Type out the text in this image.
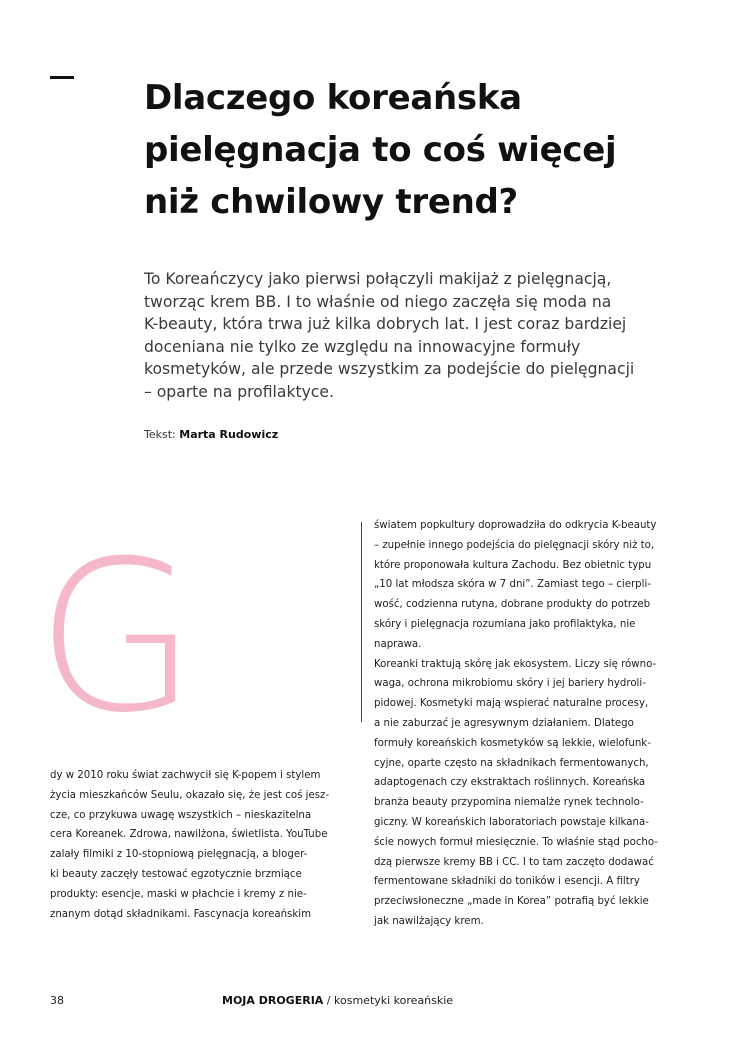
Dlaczego koreańska
pielęgnacja to coś więcej
niż chwilowy trend?

To Koreańczycy jako pierwsi połączyli makijaż z pielęgnacją,
tworząc krem BB. I to właśnie od niego zaczęła się moda na
K-beauty, która trwa już kilka dobrych lat. I jest coraz bardziej
doceniana nie tylko ze względu na innowacyjne formuły
kosmetyków, ale przede wszystkim za podejście do pielęgnacji
– oparte na profilaktyce.

Tekst: Marta Rudowicz
G
dy w 2010 roku świat zachwycił się K-popem i stylem
życia mieszkańców Seulu, okazało się, że jest coś jesz-
cze, co przykuwa uwagę wszystkich – nieskazitelna
cera Koreanek. Zdrowa, nawilżona, świetlista. YouTube
zalały filmiki z 10-stopniową pielęgnacją, a bloger-
ki beauty zaczęły testować egzotycznie brzmiące
produkty: esencje, maski w płachcie i kremy z nie-
znanym dotąd składnikami. Fascynacja koreańskim
światem popkultury doprowadziła do odkrycia K-beauty
– zupełnie innego podejścia do pielęgnacji skóry niż to,
które proponowała kultura Zachodu. Bez obietnic typu
„10 lat młodsza skóra w 7 dni”. Zamiast tego – cierpli-
wość, codzienna rutyna, dobrane produkty do potrzeb
skóry i pielęgnacja rozumiana jako profilaktyka, nie
naprawa.
Koreanki traktują skórę jak ekosystem. Liczy się równo-
waga, ochrona mikrobiomu skóry i jej bariery hydroli-
pidowej. Kosmetyki mają wspierać naturalne procesy,
a nie zaburzać je agresywnym działaniem. Dlatego
formuły koreańskich kosmetyków są lekkie, wielofunk-
cyjne, oparte często na składnikach fermentowanych,
adaptogenach czy ekstraktach roślinnych. Koreańska
branża beauty przypomina niemalże rynek technolo-
giczny. W koreańskich laboratoriach powstaje kilkana-
ście nowych formuł miesięcznie. To właśnie stąd pocho-
dzą pierwsze kremy BB i CC. I to tam zaczęto dodawać
fermentowane składniki do toników i esencji. A filtry
przeciwsłoneczne „made in Korea” potrafią być lekkie
jak nawilżający krem.
38	MOJA DROGERIA / kosmetyki koreańskie
